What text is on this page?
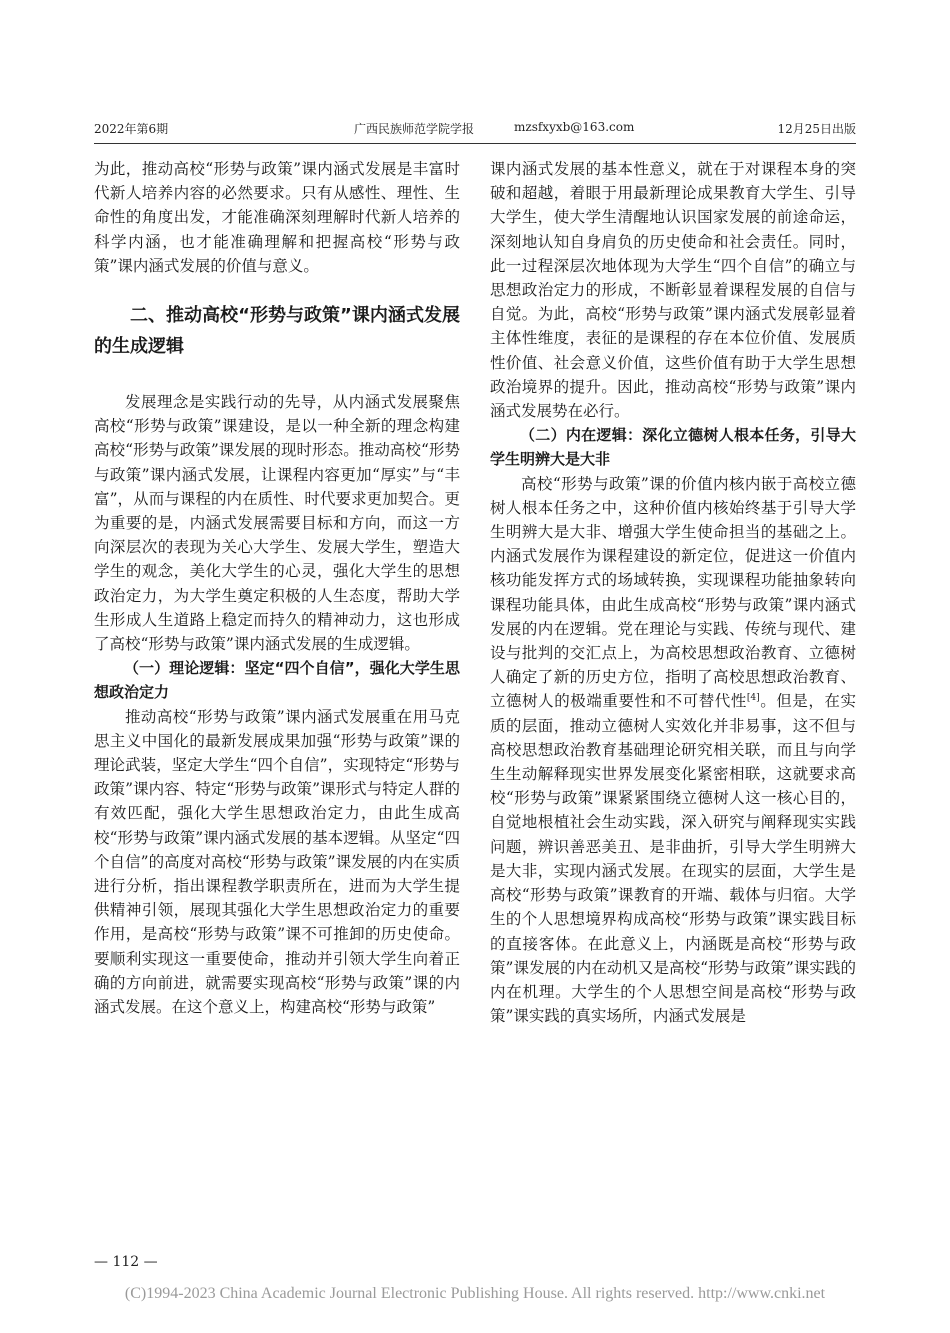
2022年第6期	广西民族师范学院学报	mzsfxyxb@163.com	12月25日出版

为此，推动高校“形势与政策”课内涵式发展是丰富时代新人培养内容的必然要求。只有从感性、理性、生命性的角度出发，才能准确深刻理解时代新人培养的科学内涵，也才能准确理解和把握高校“形势与政策”课内涵式发展的价值与意义。

二、推动高校“形势与政策”课内涵式发展的生成逻辑

发展理念是实践行动的先导，从内涵式发展聚焦高校“形势与政策”课建设，是以一种全新的理念构建高校“形势与政策”课发展的现时形态。推动高校“形势与政策”课内涵式发展，让课程内容更加“厚实”与“丰富”，从而与课程的内在质性、时代要求更加契合。更为重要的是，内涵式发展需要目标和方向，而这一方向深层次的表现为关心大学生、发展大学生，塑造大学生的观念，美化大学生的心灵，强化大学生的思想政治定力，为大学生奠定积极的人生态度，帮助大学生形成人生道路上稳定而持久的精神动力，这也形成了高校“形势与政策”课内涵式发展的生成逻辑。

（一）理论逻辑：坚定“四个自信”，强化大学生思想政治定力

推动高校“形势与政策”课内涵式发展重在用马克思主义中国化的最新发展成果加强“形势与政策”课的理论武装，坚定大学生“四个自信”，实现特定“形势与政策”课内容、特定“形势与政策”课形式与特定人群的有效匹配，强化大学生思想政治定力，由此生成高校“形势与政策”课内涵式发展的基本逻辑。从坚定“四个自信”的高度对高校“形势与政策”课发展的内在实质进行分析，指出课程教学职责所在，进而为大学生提供精神引领，展现其强化大学生思想政治定力的重要作用，是高校“形势与政策”课不可推卸的历史使命。要顺利实现这一重要使命，推动并引领大学生向着正确的方向前进，就需要实现高校“形势与政策”课的内涵式发展。在这个意义上，构建高校“形势与政策”

课内涵式发展的基本性意义，就在于对课程本身的突破和超越，着眼于用最新理论成果教育大学生、引导大学生，使大学生清醒地认识国家发展的前途命运，深刻地认知自身肩负的历史使命和社会责任。同时，此一过程深层次地体现为大学生“四个自信”的确立与思想政治定力的形成，不断彰显着课程发展的自信与自觉。为此，高校“形势与政策”课内涵式发展彰显着主体性维度，表征的是课程的存在本位价值、发展质性价值、社会意义价值，这些价值有助于大学生思想政治境界的提升。因此，推动高校“形势与政策”课内涵式发展势在必行。

（二）内在逻辑：深化立德树人根本任务，引导大学生明辨大是大非

高校“形势与政策”课的价值内核内嵌于高校立德树人根本任务之中，这种价值内核始终基于引导大学生明辨大是大非、增强大学生使命担当的基础之上。内涵式发展作为课程建设的新定位，促进这一价值内核功能发挥方式的场域转换，实现课程功能抽象转向课程功能具体，由此生成高校“形势与政策”课内涵式发展的内在逻辑。党在理论与实践、传统与现代、建设与批判的交汇点上，为高校思想政治教育、立德树人确定了新的历史方位，指明了高校思想政治教育、立德树人的极端重要性和不可替代性[4]。但是，在实质的层面，推动立德树人实效化并非易事，这不但与高校思想政治教育基础理论研究相关联，而且与向学生生动解释现实世界发展变化紧密相联，这就要求高校“形势与政策”课紧紧围绕立德树人这一核心目的，自觉地根植社会生动实践，深入研究与阐释现实实践问题，辨识善恶美丑、是非曲折，引导大学生明辨大是大非，实现内涵式发展。在现实的层面，大学生是高校“形势与政策”课教育的开端、载体与归宿。大学生的个人思想境界构成高校“形势与政策”课实践目标的直接客体。在此意义上，内涵既是高校“形势与政策”课发展的内在动机又是高校“形势与政策”课实践的内在机理。大学生的个人思想空间是高校“形势与政策”课实践的真实场所，内涵式发展是

— 112 —
(C)1994-2023 China Academic Journal Electronic Publishing House. All rights reserved. http://www.cnki.net
